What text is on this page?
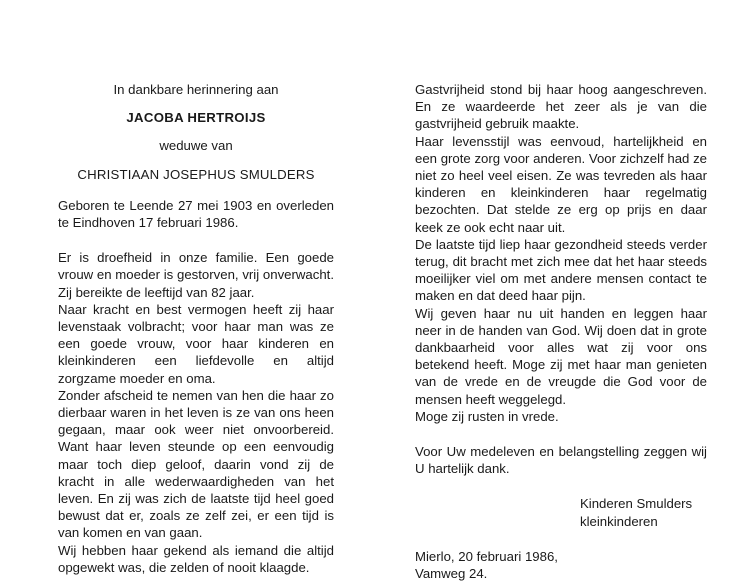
In dankbare herinnering aan
JACOBA HERTROIJS
weduwe van
CHRISTIAAN JOSEPHUS SMULDERS
Geboren te Leende 27 mei 1903 en overleden te Eindhoven 17 februari 1986.
Er is droefheid in onze familie. Een goede vrouw en moeder is gestorven, vrij onverwacht. Zij bereikte de leeftijd van 82 jaar.
Naar kracht en best vermogen heeft zij haar levenstaak volbracht; voor haar man was ze een goede vrouw, voor haar kinderen en kleinkinderen een liefdevolle en altijd zorgzame moeder en oma.
Zonder afscheid te nemen van hen die haar zo dierbaar waren in het leven is ze van ons heen gegaan, maar ook weer niet onvoorbereid. Want haar leven steunde op een eenvoudig maar toch diep geloof, daarin vond zij de kracht in alle wederwaardigheden van het leven. En zij was zich de laatste tijd heel goed bewust dat er, zoals ze zelf zei, er een tijd is van komen en van gaan.
Wij hebben haar gekend als iemand die altijd opgewekt was, die zelden of nooit klaagde.
Gastvrijheid stond bij haar hoog aangeschreven. En ze waardeerde het zeer als je van die gastvrijheid gebruik maakte.
Haar levensstijl was eenvoud, hartelijkheid en een grote zorg voor anderen. Voor zichzelf had ze niet zo heel veel eisen. Ze was tevreden als haar kinderen en kleinkinderen haar regelmatig bezochten. Dat stelde ze erg op prijs en daar keek ze ook echt naar uit.
De laatste tijd liep haar gezondheid steeds verder terug, dit bracht met zich mee dat het haar steeds moeilijker viel om met andere mensen contact te maken en dat deed haar pijn.
Wij geven haar nu uit handen en leggen haar neer in de handen van God. Wij doen dat in grote dankbaarheid voor alles wat zij voor ons betekend heeft. Moge zij met haar man genieten van de vrede en de vreugde die God voor de mensen heeft weggelegd.
Moge zij rusten in vrede.
Voor Uw medeleven en belangstelling zeggen wij U hartelijk dank.
Kinderen Smulders
kleinkinderen
Mierlo, 20 februari 1986,
Vamweg 24.
